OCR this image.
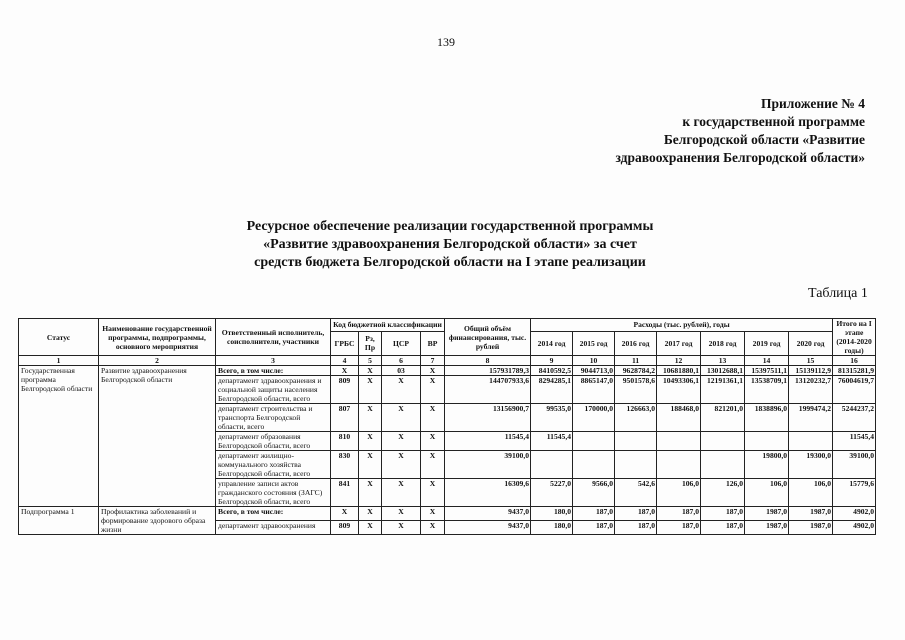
139
Приложение № 4
к государственной программе
Белгородской области «Развитие
здравоохранения Белгородской области»
Ресурсное обеспечение реализации государственной программы
«Развитие здравоохранения Белгородской области» за счет
средств бюджета Белгородской области на I этапе реализации
Таблица 1
Статус	Наименование государственной программы, подпрограммы, основного мероприятия	Ответственный исполнитель, соисполнители, участники	Код бюджетной классификации				Общий объём финансирования, тыс. рублей	Расходы (тыс. рублей), годы							Итого на I этапе (2014-2020 годы)
			ГРБС	Рз, Пр	ЦСР	ВР		2014 год	2015 год	2016 год	2017 год	2018 год	2019 год	2020 год	
1	2	3	4	5	6	7	8	9	10	11	12	13	14	15	16
Государственная программа Белгородской области	Развитие здравоохранения Белгородской области	Всего, в том числе:	X	X	03	X	157931789,3	8410592,5	9044713,0	9628784,2	10681880,1	13012688,1	15397511,1	15139112,9	81315281,9
		департамент здравоохранения и социальной защиты населения Белгородской области, всего	809	X	X	X	144707933,6	8294285,1	8865147,0	9501578,6	10493306,1	12191361,1	13538709,1	13120232,7	76004619,7
		департамент строительства и транспорта Белгородской области, всего	807	X	X	X	13156900,7	99535,0	170000,0	126663,0	188468,0	821201,0	1838896,0	1999474,2	5244237,2
		департамент образования Белгородской области, всего	810	X	X	X	11545,4	11545,4							11545,4
		департамент жилищно-коммунального хозяйства Белгородской области, всего	830	X	X	X	39100,0						19800,0	19300,0	39100,0
		управление записи актов гражданского состояния (ЗАГС) Белгородской области, всего	841	X	X	X	16309,6	5227,0	9566,0	542,6	106,0	126,0	106,0	106,0	15779,6
Подпрограмма 1	Профилактика заболеваний и формирование здорового образа жизни	Всего, в том числе:	X	X	X	X	9437,0	180,0	187,0	187,0	187,0	187,0	1987,0	1987,0	4902,0
		департамент здравоохранения	809	X	X	X	9437,0	180,0	187,0	187,0	187,0	187,0	1987,0	1987,0	4902,0
